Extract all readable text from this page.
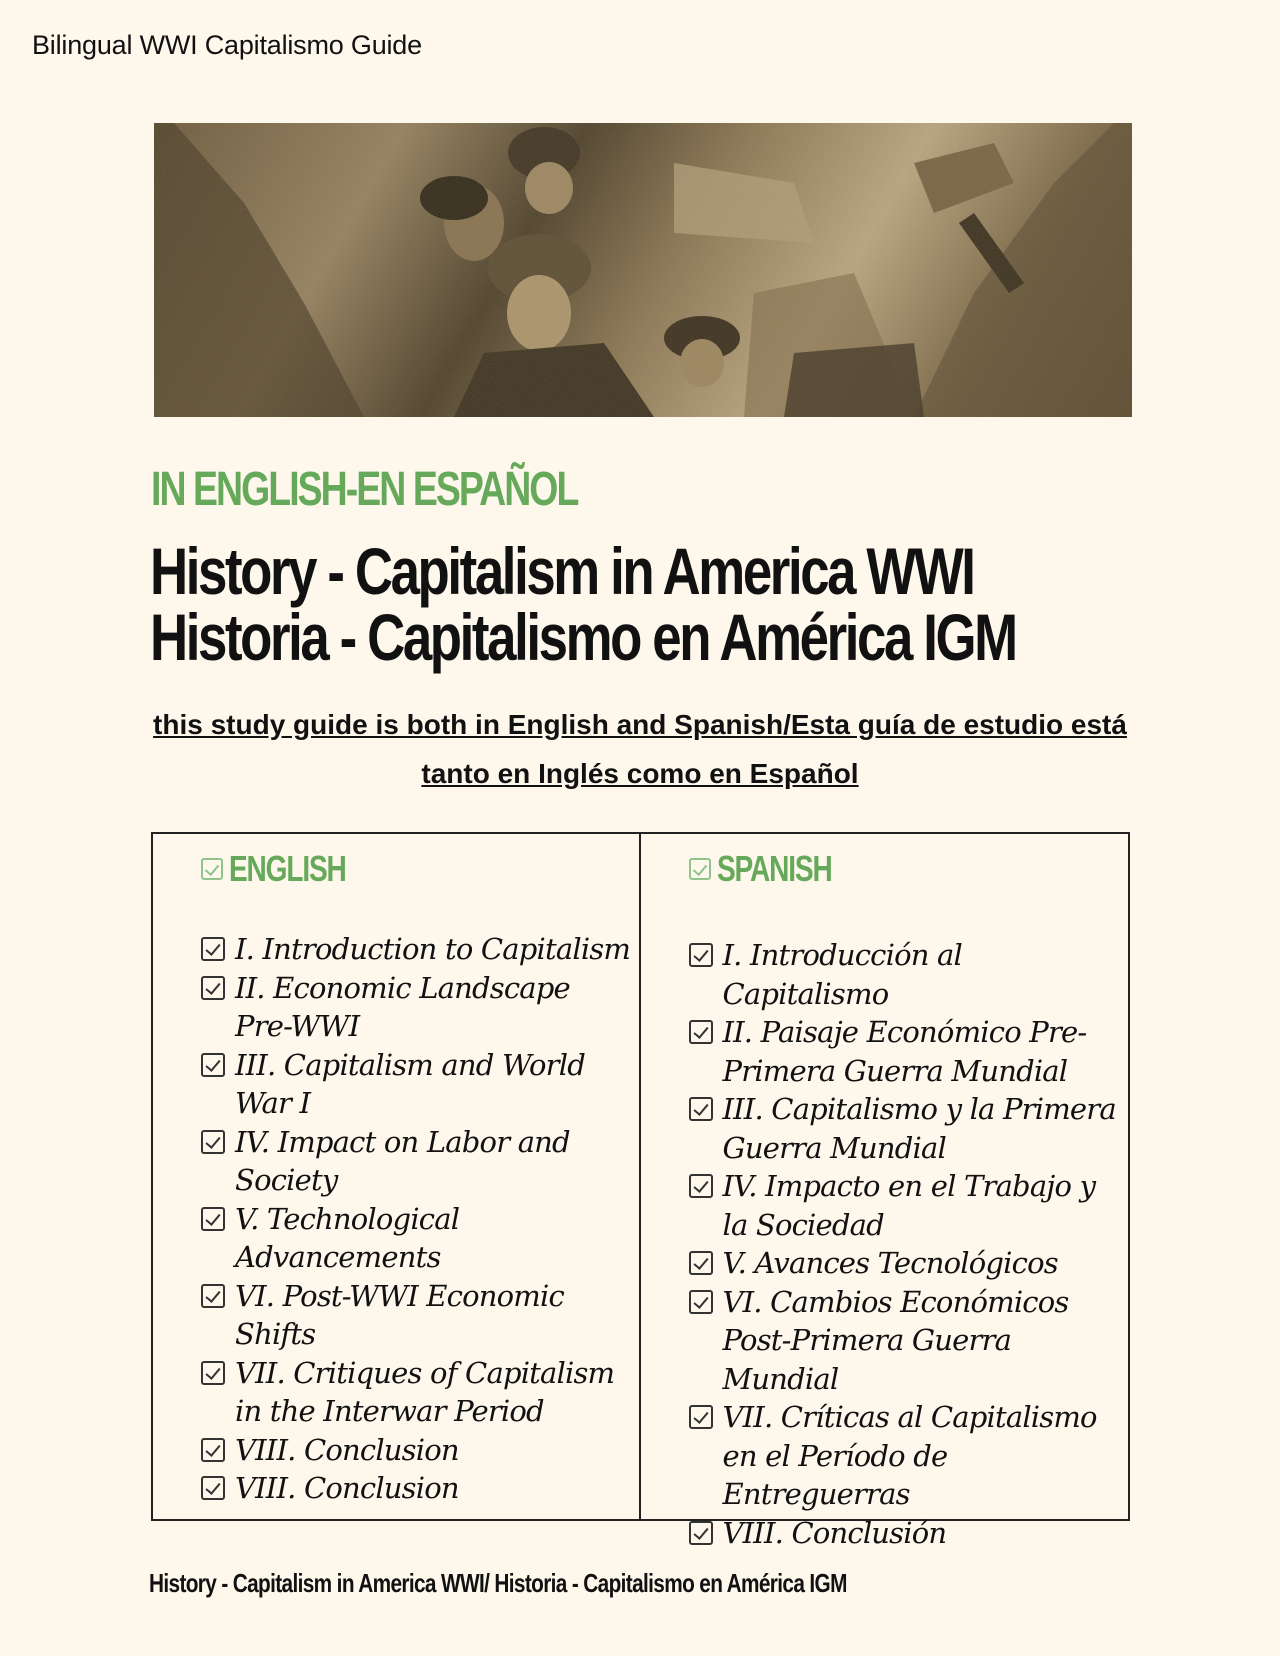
Bilingual WWI Capitalismo Guide
IN ENGLISH-EN ESPAÑOL
History - Capitalism in America WWI
Historia - Capitalismo en América IGM
this study guide is both in English and Spanish/Esta guía de estudio está tanto en Inglés como en Español
ENGLISH
I. Introduction to Capitalism
II. Economic Landscape Pre-WWI
III. Capitalism and World War I
IV. Impact on Labor and Society
V. Technological Advancements
VI. Post-WWI Economic Shifts
VII. Critiques of Capitalism in the Interwar Period
VIII. Conclusion
VIII. Conclusion
SPANISH
I. Introducción al Capitalismo
II. Paisaje Económico Pre-Primera Guerra Mundial
III. Capitalismo y la Primera Guerra Mundial
IV. Impacto en el Trabajo y la Sociedad
V. Avances Tecnológicos
VI. Cambios Económicos Post-Primera Guerra Mundial
VII. Críticas al Capitalismo en el Período de Entreguerras
VIII. Conclusión
History - Capitalism in America WWI/ Historia - Capitalismo en América IGM
